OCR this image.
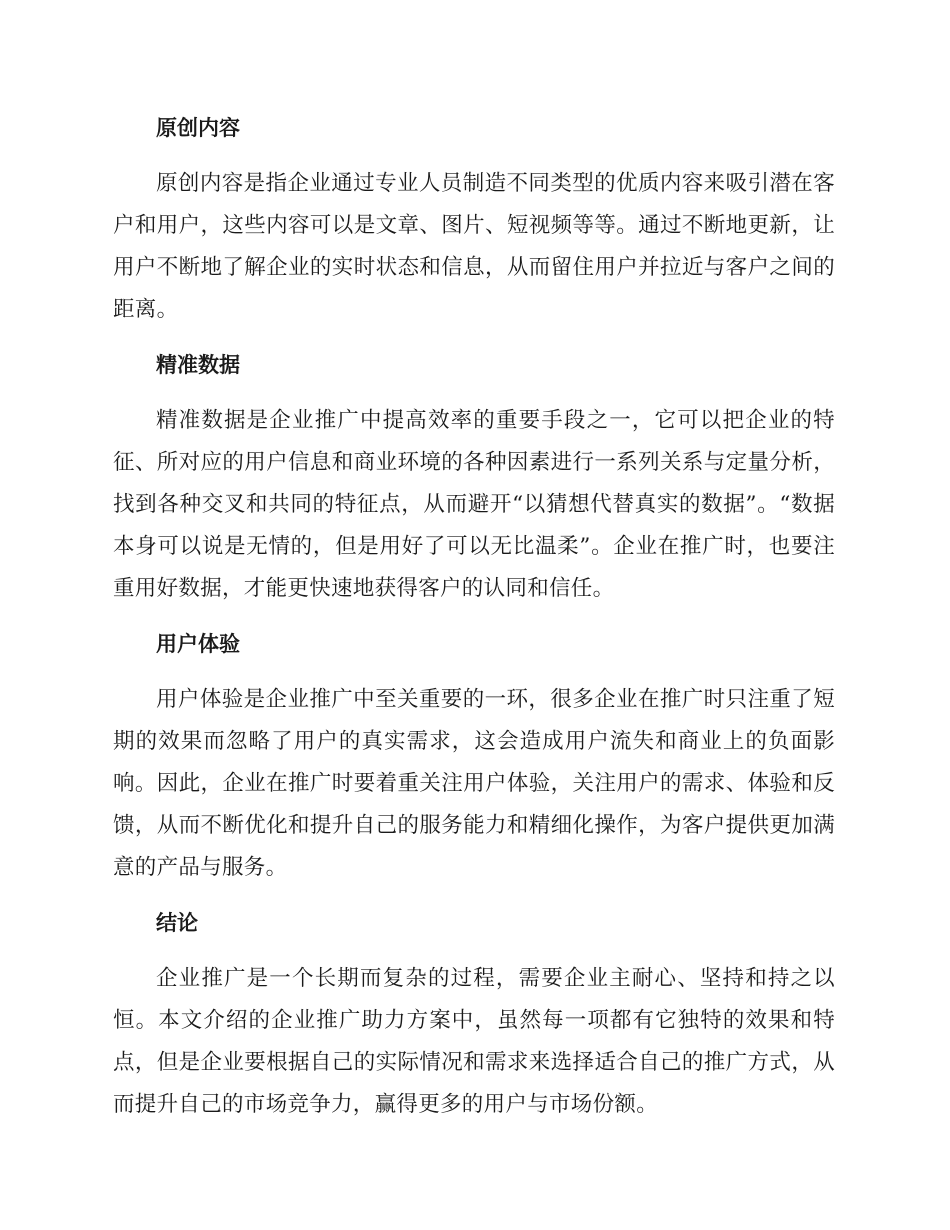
原创内容

原创内容是指企业通过专业人员制造不同类型的优质内容来吸引潜在客户和用户，这些内容可以是文章、图片、短视频等等。通过不断地更新，让用户不断地了解企业的实时状态和信息，从而留住用户并拉近与客户之间的距离。

精准数据

精准数据是企业推广中提高效率的重要手段之一，它可以把企业的特征、所对应的用户信息和商业环境的各种因素进行一系列关系与定量分析，找到各种交叉和共同的特征点，从而避开“以猜想代替真实的数据”。“数据本身可以说是无情的，但是用好了可以无比温柔”。企业在推广时，也要注重用好数据，才能更快速地获得客户的认同和信任。

用户体验

用户体验是企业推广中至关重要的一环，很多企业在推广时只注重了短期的效果而忽略了用户的真实需求，这会造成用户流失和商业上的负面影响。因此，企业在推广时要着重关注用户体验，关注用户的需求、体验和反馈，从而不断优化和提升自己的服务能力和精细化操作，为客户提供更加满意的产品与服务。

结论

企业推广是一个长期而复杂的过程，需要企业主耐心、坚持和持之以恒。本文介绍的企业推广助力方案中，虽然每一项都有它独特的效果和特点，但是企业要根据自己的实际情况和需求来选择适合自己的推广方式，从而提升自己的市场竞争力，赢得更多的用户与市场份额。
